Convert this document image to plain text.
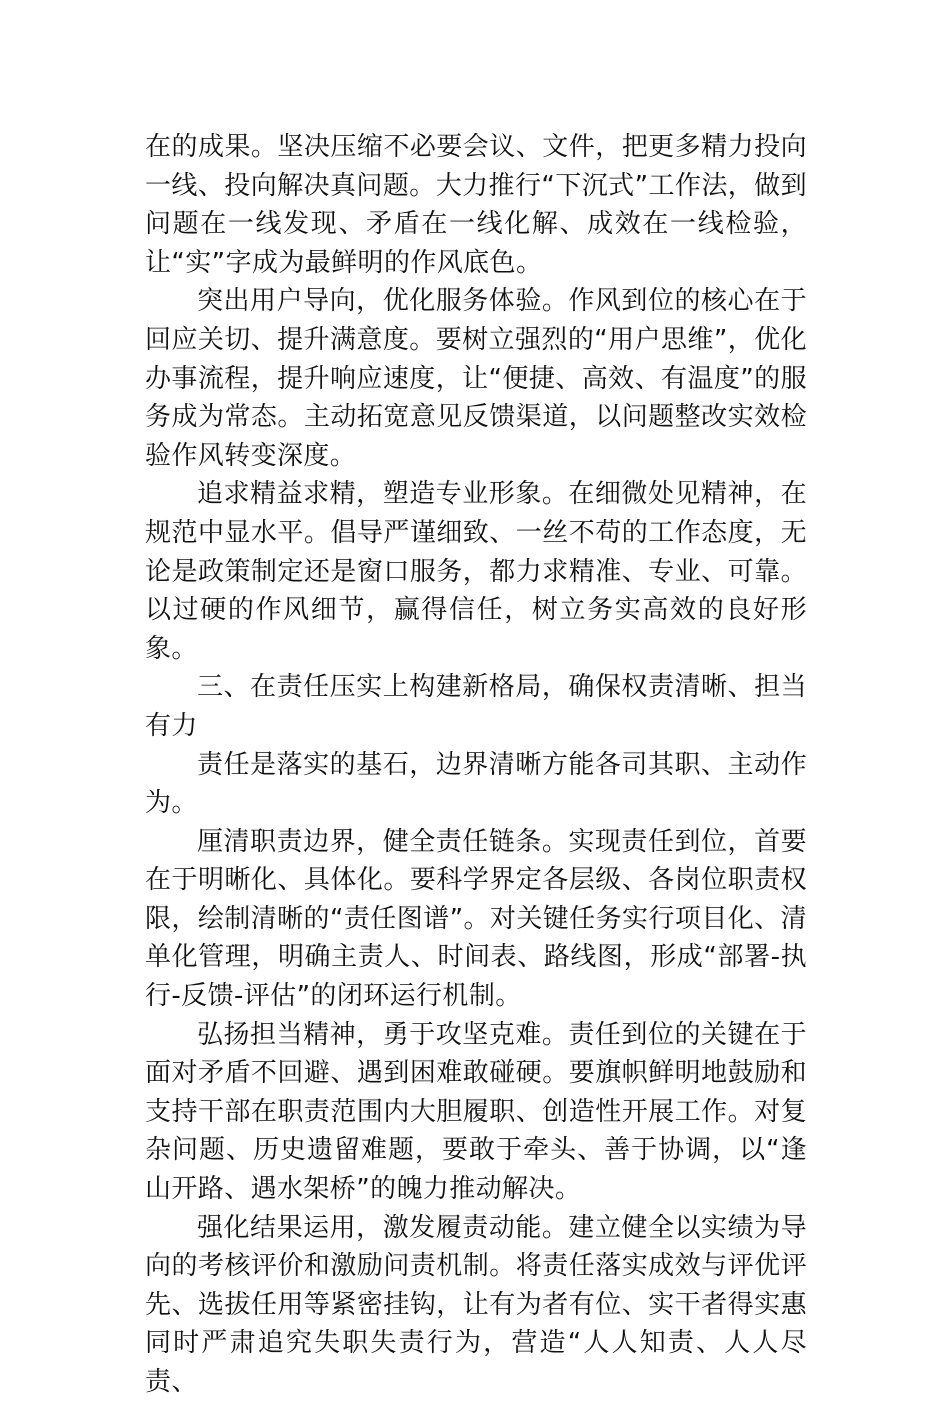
在的成果。坚决压缩不必要会议、文件，把更多精力投向一线、投向解决真问题。大力推行“下沉式”工作法，做到问题在一线发现、矛盾在一线化解、成效在一线检验，让“实”字成为最鲜明的作风底色。

突出用户导向，优化服务体验。作风到位的核心在于回应关切、提升满意度。要树立强烈的“用户思维”，优化办事流程，提升响应速度，让“便捷、高效、有温度”的服务成为常态。主动拓宽意见反馈渠道，以问题整改实效检验作风转变深度。

追求精益求精，塑造专业形象。在细微处见精神，在规范中显水平。倡导严谨细致、一丝不苟的工作态度，无论是政策制定还是窗口服务，都力求精准、专业、可靠。以过硬的作风细节，赢得信任，树立务实高效的良好形象。

三、在责任压实上构建新格局，确保权责清晰、担当有力

责任是落实的基石，边界清晰方能各司其职、主动作为。

厘清职责边界，健全责任链条。实现责任到位，首要在于明晰化、具体化。要科学界定各层级、各岗位职责权限，绘制清晰的“责任图谱”。对关键任务实行项目化、清单化管理，明确主责人、时间表、路线图，形成“部署-执行-反馈-评估”的闭环运行机制。

弘扬担当精神，勇于攻坚克难。责任到位的关键在于面对矛盾不回避、遇到困难敢碰硬。要旗帜鲜明地鼓励和支持干部在职责范围内大胆履职、创造性开展工作。对复杂问题、历史遗留难题，要敢于牵头、善于协调，以“逢山开路、遇水架桥”的魄力推动解决。

强化结果运用，激发履责动能。建立健全以实绩为导向的考核评价和激励问责机制。将责任落实成效与评优评先、选拔任用等紧密挂钩，让有为者有位、实干者得实惠同时严肃追究失职失责行为，营造“人人知责、人人尽责、
